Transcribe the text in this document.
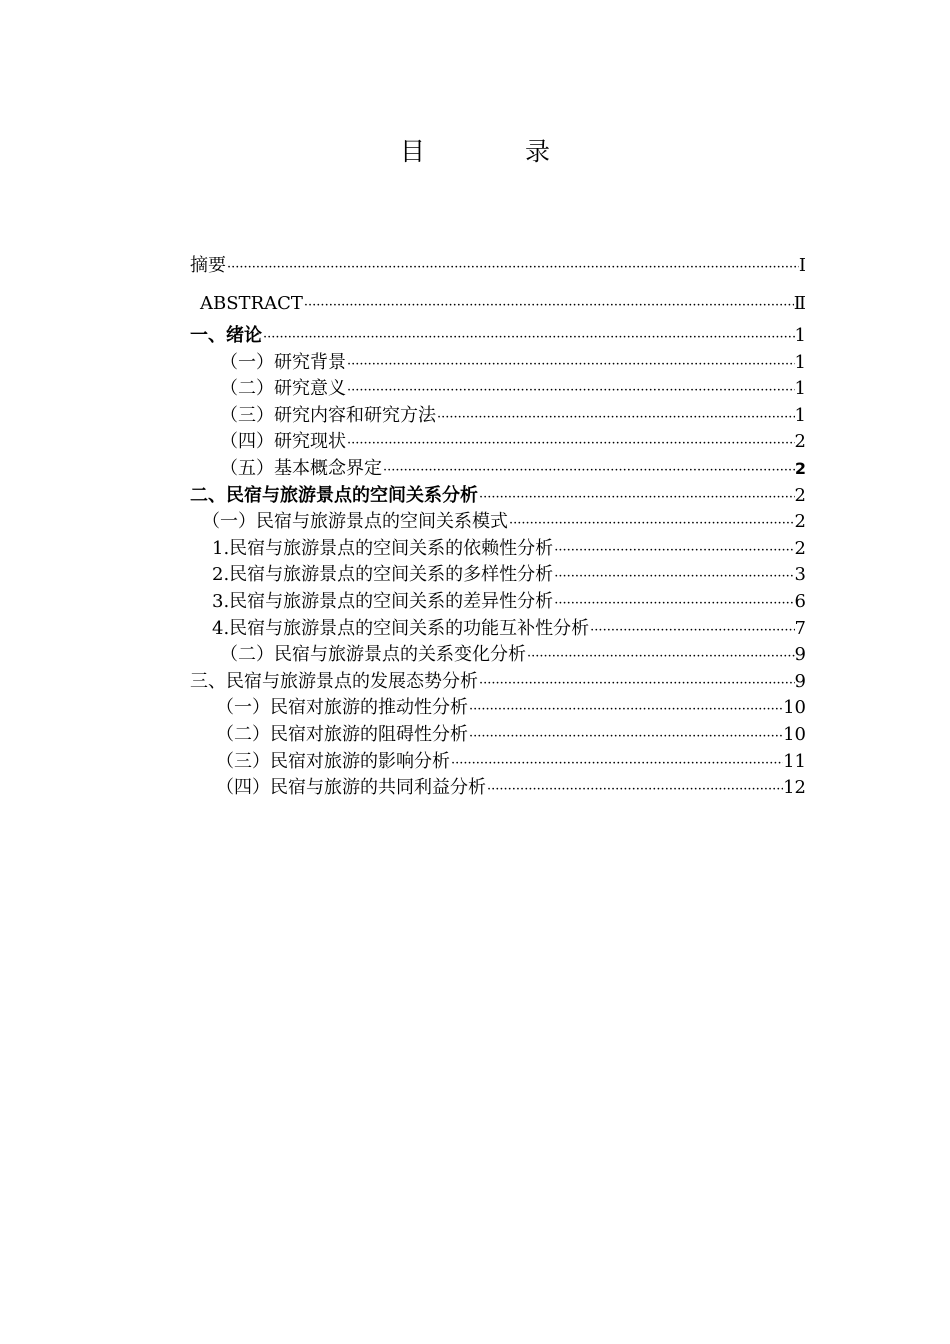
目 录
摘要 ·····	Ⅰ
ABSTRACT ·····	Ⅱ
一、绪论 ·····	1
（一）研究背景 ·····	1
（二）研究意义 ·····	1
（三）研究内容和研究方法 ·····	1
（四）研究现状 ·····	2
（五）基本概念界定 ·····	2
二、民宿与旅游景点的空间关系分析 ·····	2
（一）民宿与旅游景点的空间关系模式 ·····	2
1.民宿与旅游景点的空间关系的依赖性分析 ·····	2
2.民宿与旅游景点的空间关系的多样性分析 ·····	3
3.民宿与旅游景点的空间关系的差异性分析 ·····	6
4.民宿与旅游景点的空间关系的功能互补性分析 ·····	7
（二）民宿与旅游景点的关系变化分析 ·····	9
三、民宿与旅游景点的发展态势分析 ·····	9
（一）民宿对旅游的推动性分析 ·····	10
（二）民宿对旅游的阻碍性分析 ·····	10
（三）民宿对旅游的影响分析 ·····	11
（四）民宿与旅游的共同利益分析 ·····	12
